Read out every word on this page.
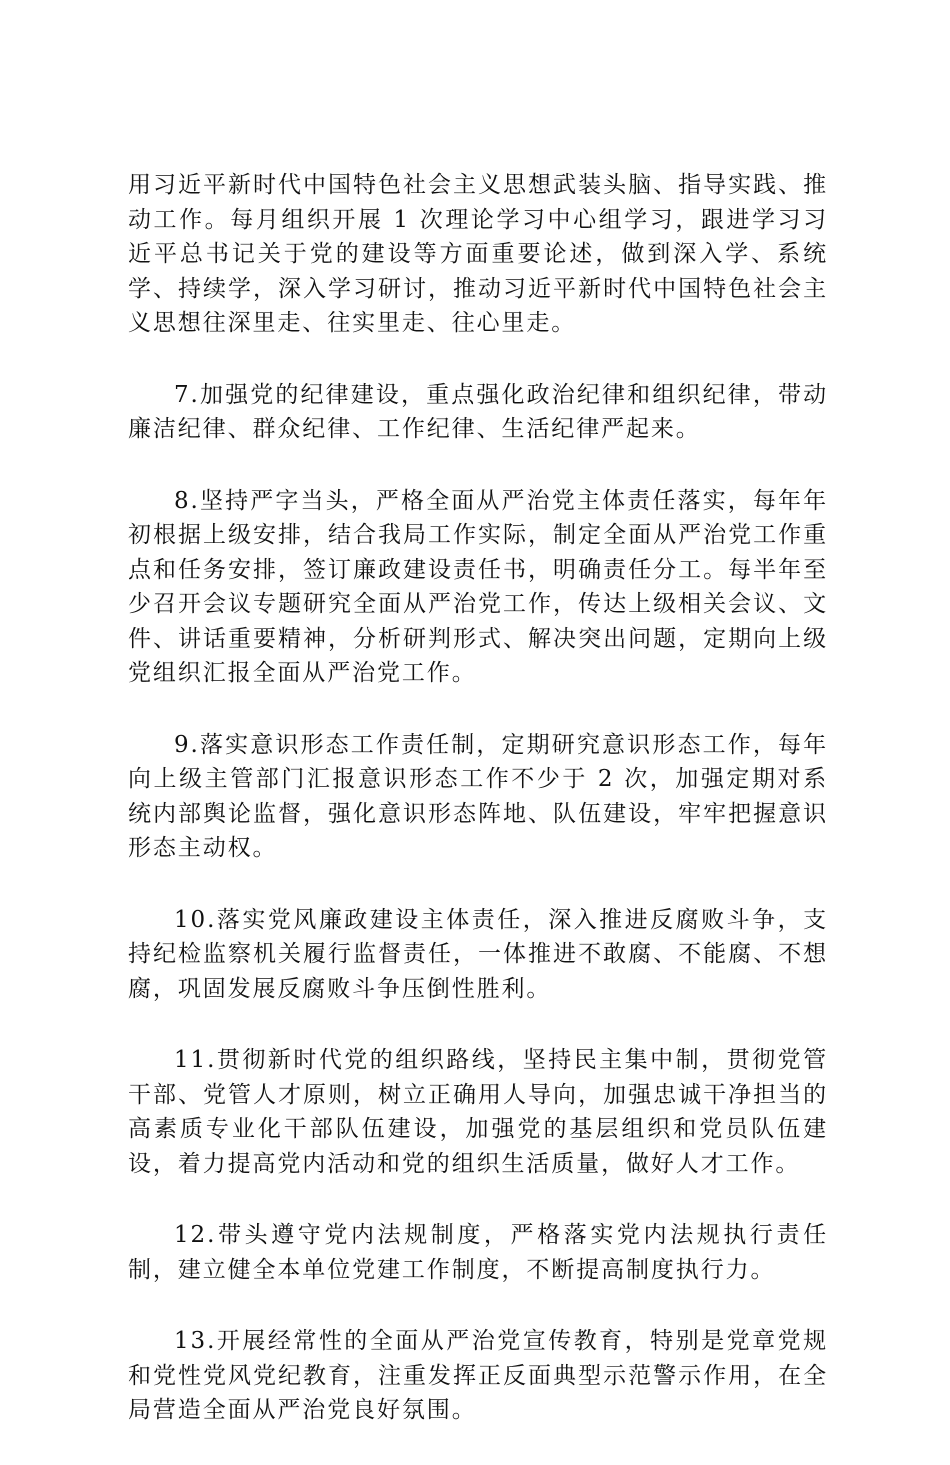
用习近平新时代中国特色社会主义思想武装头脑、指导实践、推动工作。每月组织开展 1 次理论学习中心组学习，跟进学习习近平总书记关于党的建设等方面重要论述，做到深入学、系统学、持续学，深入学习研讨，推动习近平新时代中国特色社会主义思想往深里走、往实里走、往心里走。

7.加强党的纪律建设，重点强化政治纪律和组织纪律，带动廉洁纪律、群众纪律、工作纪律、生活纪律严起来。

8.坚持严字当头，严格全面从严治党主体责任落实，每年年初根据上级安排，结合我局工作实际，制定全面从严治党工作重点和任务安排，签订廉政建设责任书，明确责任分工。每半年至少召开会议专题研究全面从严治党工作，传达上级相关会议、文件、讲话重要精神，分析研判形式、解决突出问题，定期向上级党组织汇报全面从严治党工作。

9.落实意识形态工作责任制，定期研究意识形态工作，每年向上级主管部门汇报意识形态工作不少于 2 次，加强定期对系统内部舆论监督，强化意识形态阵地、队伍建设，牢牢把握意识形态主动权。

10.落实党风廉政建设主体责任，深入推进反腐败斗争，支持纪检监察机关履行监督责任，一体推进不敢腐、不能腐、不想腐，巩固发展反腐败斗争压倒性胜利。

11.贯彻新时代党的组织路线，坚持民主集中制，贯彻党管干部、党管人才原则，树立正确用人导向，加强忠诚干净担当的高素质专业化干部队伍建设，加强党的基层组织和党员队伍建设，着力提高党内活动和党的组织生活质量，做好人才工作。

12.带头遵守党内法规制度，严格落实党内法规执行责任制，建立健全本单位党建工作制度，不断提高制度执行力。

13.开展经常性的全面从严治党宣传教育，特别是党章党规和党性党风党纪教育，注重发挥正反面典型示范警示作用，在全局营造全面从严治党良好氛围。
